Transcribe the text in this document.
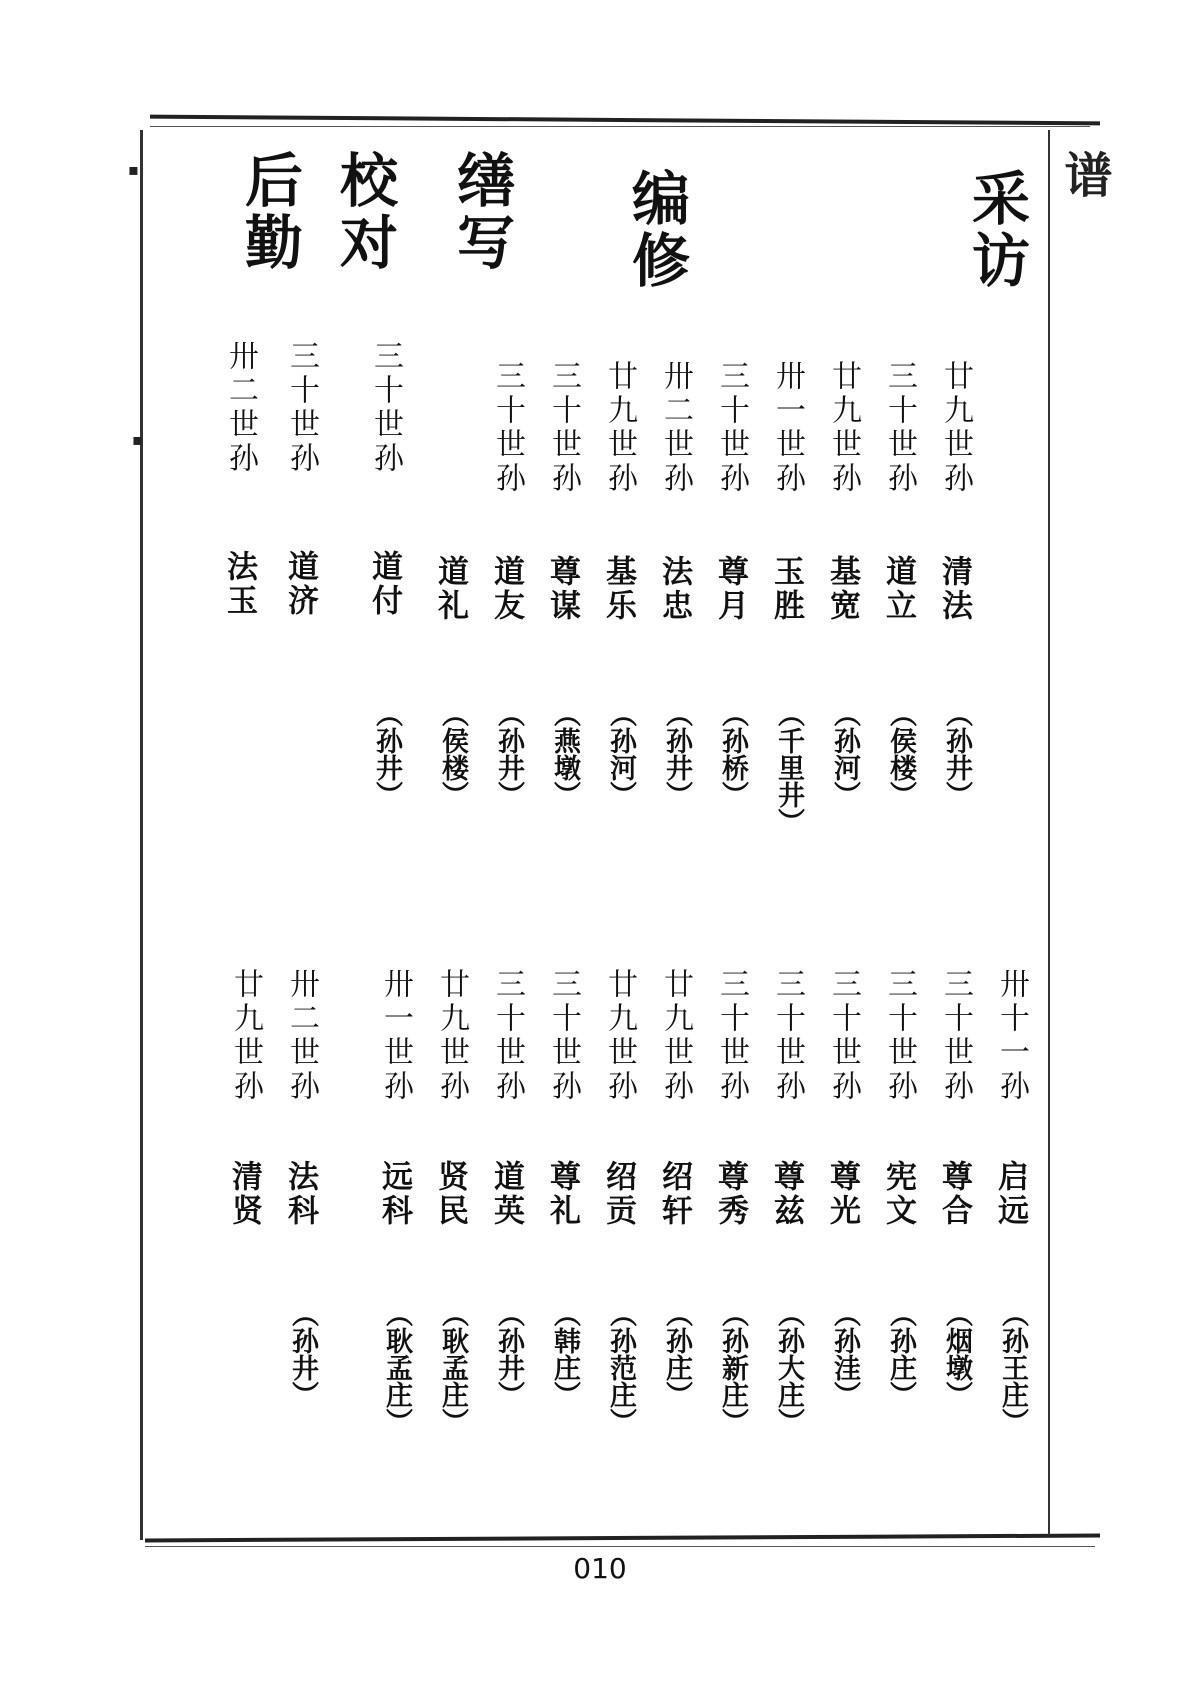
▪
▪
谱
采访
编修
缮写
校对
后勤
廿九世孙
清法
（孙井）
三十世孙
道立
（侯楼）
廿九世孙
基宽
（孙河）
卅一世孙
玉胜
（千里井）
三十世孙
尊月
（孙桥）
卅二世孙
法忠
（孙井）
廿九世孙
基乐
（孙河）
三十世孙
尊谋
（燕墩）
三十世孙
道友
（孙井）
道礼
（侯楼）
三十世孙
道付
（孙井）
三十世孙
道济
卅二世孙
法玉
卅十一孙
启远
（孙王庄）
三十世孙
尊合
（烟墩）
三十世孙
宪文
（孙庄）
三十世孙
尊光
（孙洼）
三十世孙
尊兹
（孙大庄）
三十世孙
尊秀
（孙新庄）
廿九世孙
绍轩
（孙庄）
廿九世孙
绍贡
（孙范庄）
三十世孙
尊礼
（韩庄）
三十世孙
道英
（孙井）
廿九世孙
贤民
（耿孟庄）
卅一世孙
远科
（耿孟庄）
卅二世孙
法科
（孙井）
廿九世孙
清贤
010
